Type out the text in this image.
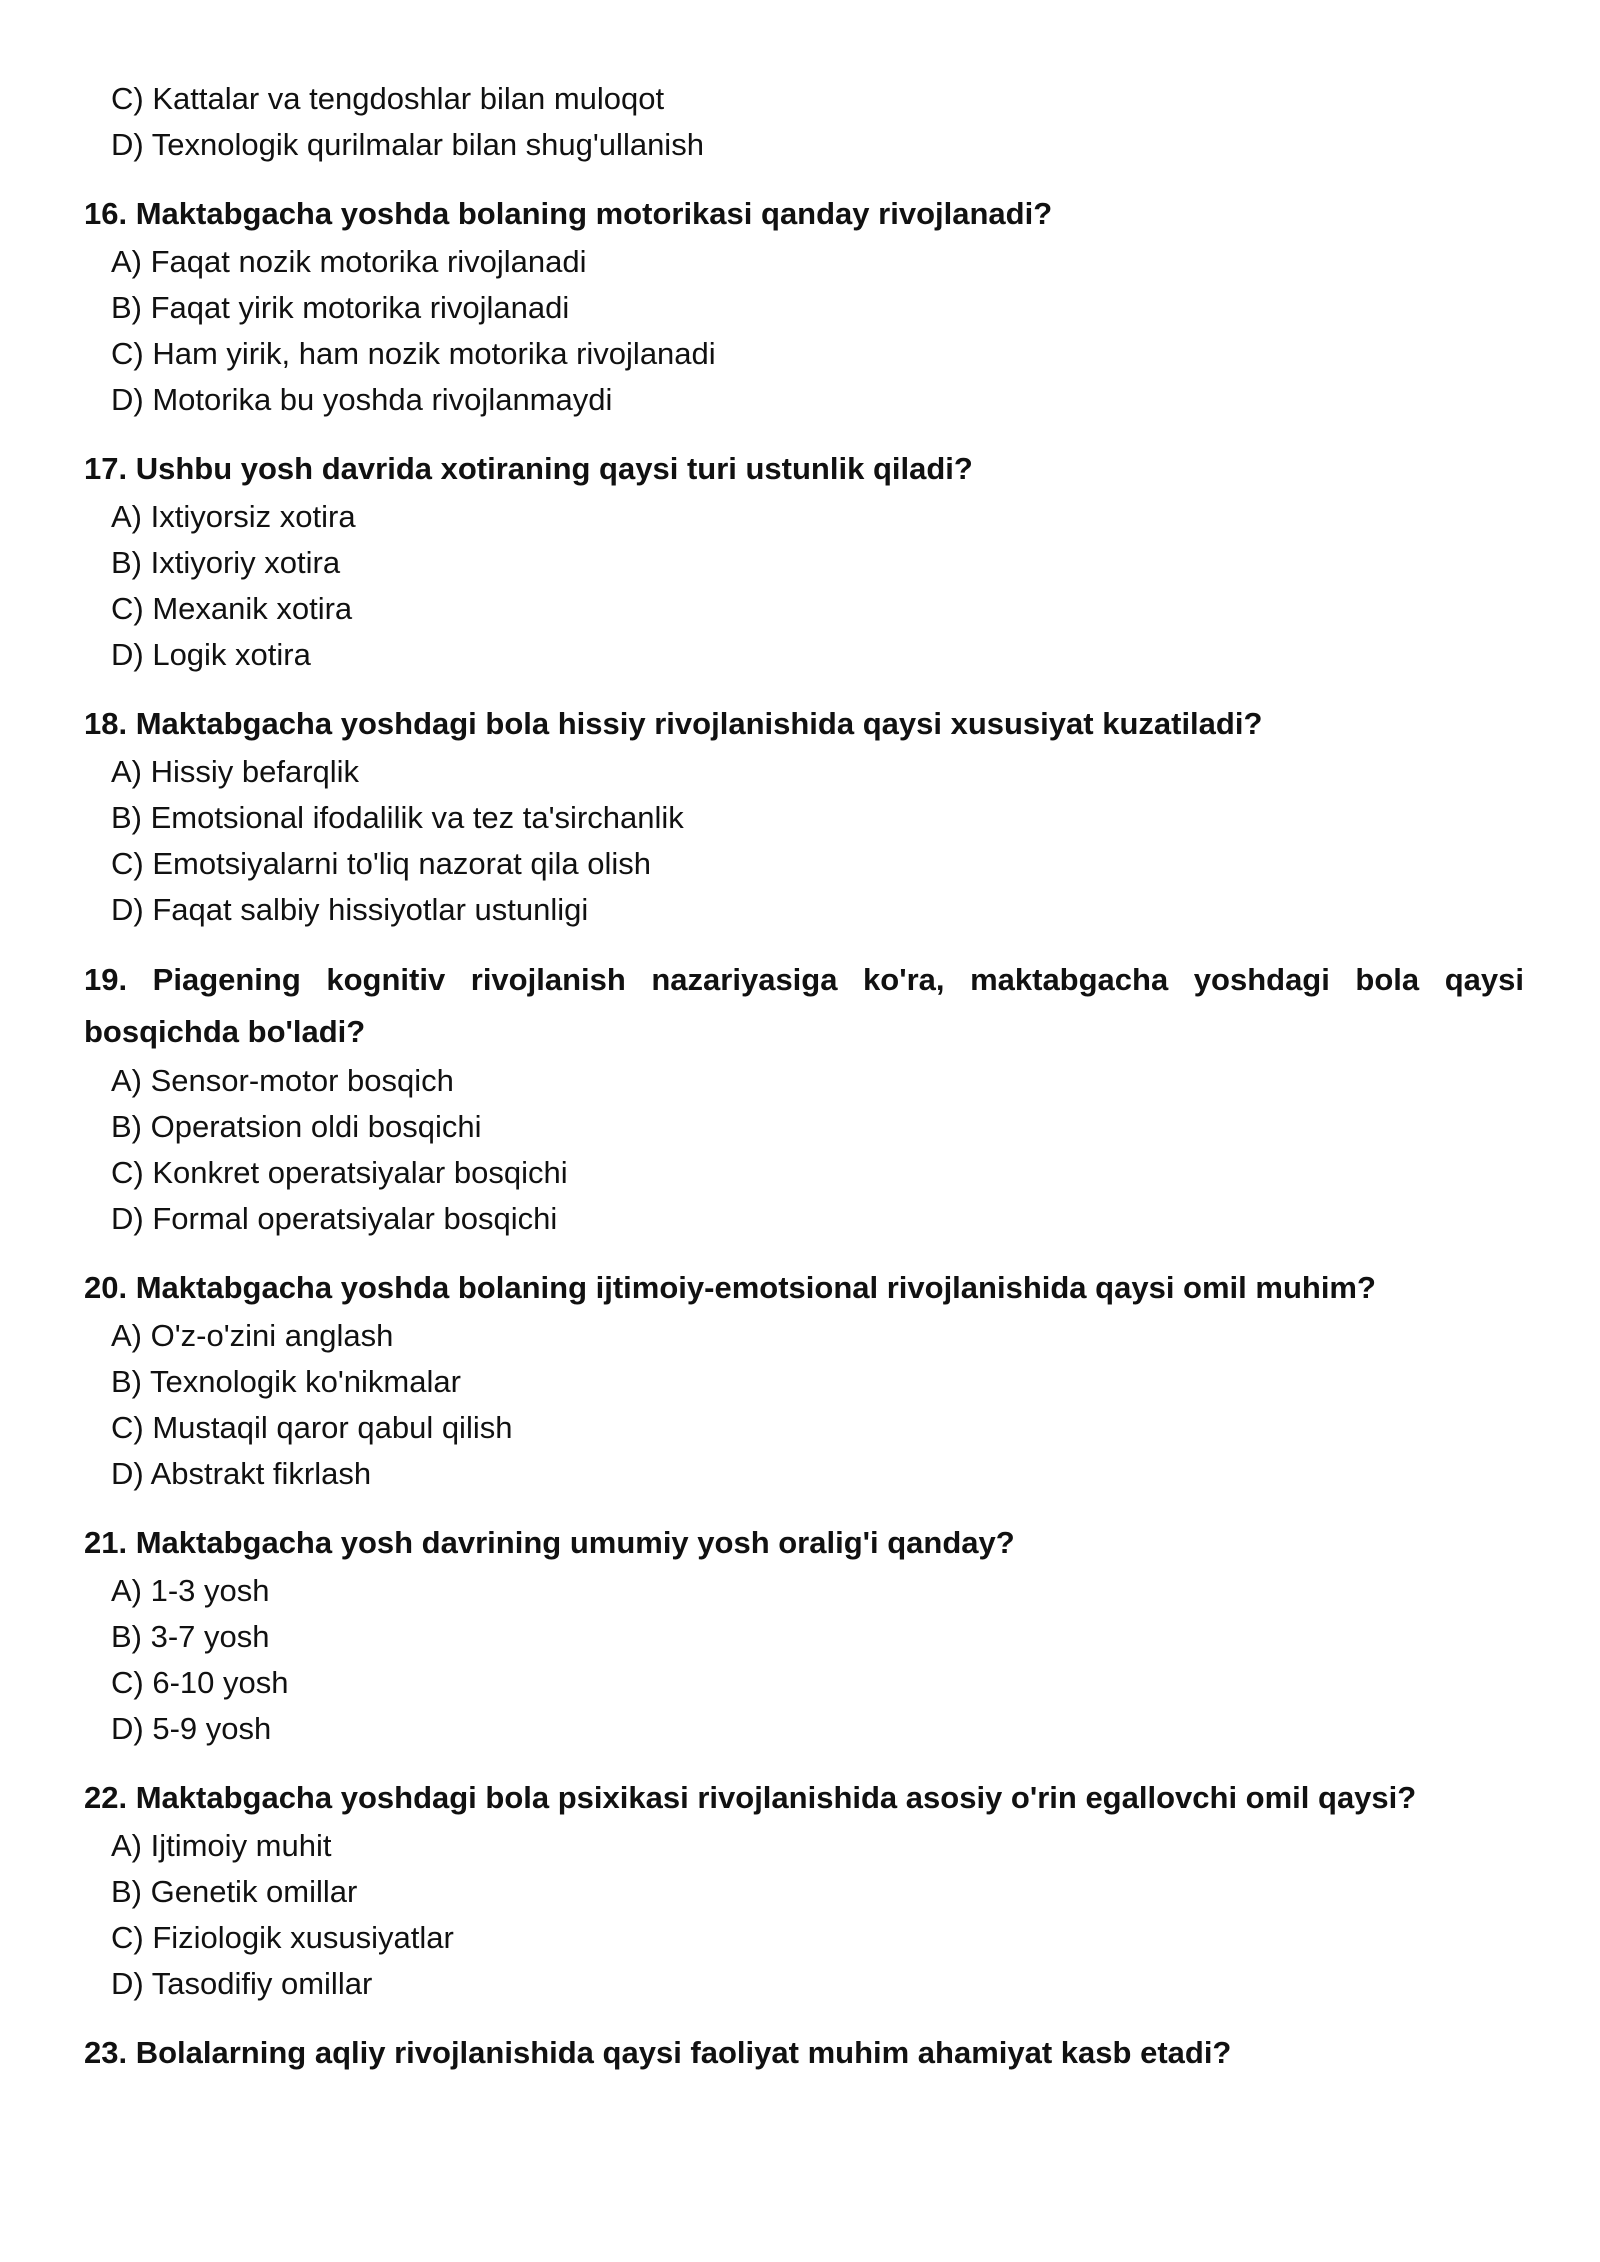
C) Kattalar va tengdoshlar bilan muloqot
D) Texnologik qurilmalar bilan shug'ullanish
16. Maktabgacha yoshda bolaning motorikasi qanday rivojlanadi?
A) Faqat nozik motorika rivojlanadi
B) Faqat yirik motorika rivojlanadi
C) Ham yirik, ham nozik motorika rivojlanadi
D) Motorika bu yoshda rivojlanmaydi
17. Ushbu yosh davrida xotiraning qaysi turi ustunlik qiladi?
A) Ixtiyorsiz xotira
B) Ixtiyoriy xotira
C) Mexanik xotira
D) Logik xotira
18. Maktabgacha yoshdagi bola hissiy rivojlanishida qaysi xususiyat kuzatiladi?
A) Hissiy befarqlik
B) Emotsional ifodalilik va tez ta'sirchanlik
C) Emotsiyalarni to'liq nazorat qila olish
D) Faqat salbiy hissiyotlar ustunligi
19. Piagening kognitiv rivojlanish nazariyasiga ko'ra, maktabgacha yoshdagi bola qaysi bosqichda bo'ladi?
A) Sensor-motor bosqich
B) Operatsion oldi bosqichi
C) Konkret operatsiyalar bosqichi
D) Formal operatsiyalar bosqichi
20. Maktabgacha yoshda bolaning ijtimoiy-emotsional rivojlanishida qaysi omil muhim?
A) O'z-o'zini anglash
B) Texnologik ko'nikmalar
C) Mustaqil qaror qabul qilish
D) Abstrakt fikrlash
21. Maktabgacha yosh davrining umumiy yosh oralig'i qanday?
A) 1-3 yosh
B) 3-7 yosh
C) 6-10 yosh
D) 5-9 yosh
22. Maktabgacha yoshdagi bola psixikasi rivojlanishida asosiy o'rin egallovchi omil qaysi?
A) Ijtimoiy muhit
B) Genetik omillar
C) Fiziologik xususiyatlar
D) Tasodifiy omillar
23. Bolalarning aqliy rivojlanishida qaysi faoliyat muhim ahamiyat kasb etadi?
